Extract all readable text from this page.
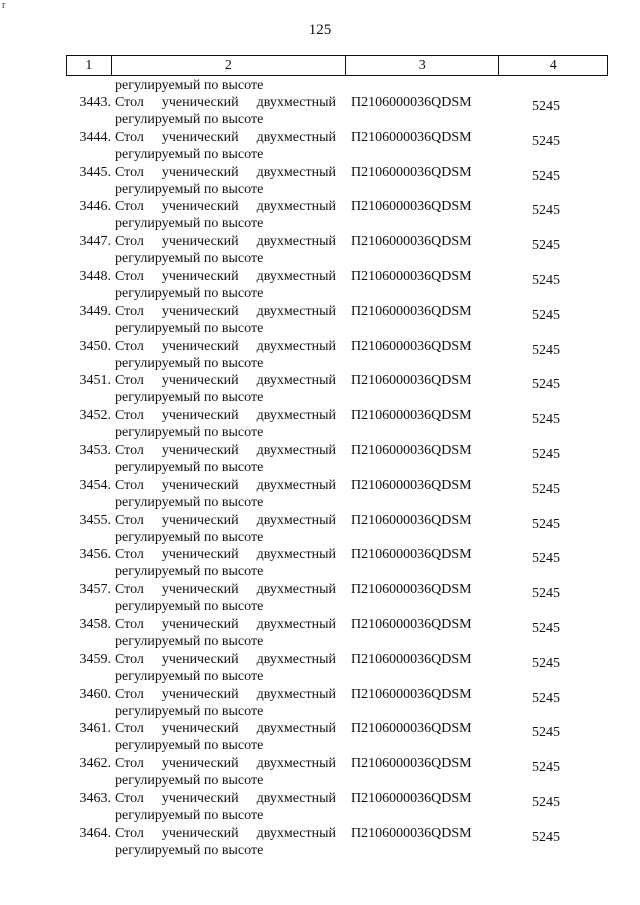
r
125
1	2	3	4
регулируемый по высоте
3443. Стол ученический двухместный
регулируемый по высоте
П2106000036QDSM	5245
3444. Стол ученический двухместный
регулируемый по высоте
П2106000036QDSM	5245
3445. Стол ученический двухместный
регулируемый по высоте
П2106000036QDSM	5245
3446. Стол ученический двухместный
регулируемый по высоте
П2106000036QDSM	5245
3447. Стол ученический двухместный
регулируемый по высоте
П2106000036QDSM	5245
3448. Стол ученический двухместный
регулируемый по высоте
П2106000036QDSM	5245
3449. Стол ученический двухместный
регулируемый по высоте
П2106000036QDSM	5245
3450. Стол ученический двухместный
регулируемый по высоте
П2106000036QDSM	5245
3451. Стол ученический двухместный
регулируемый по высоте
П2106000036QDSM	5245
3452. Стол ученический двухместный
регулируемый по высоте
П2106000036QDSM	5245
3453. Стол ученический двухместный
регулируемый по высоте
П2106000036QDSM	5245
3454. Стол ученический двухместный
регулируемый по высоте
П2106000036QDSM	5245
3455. Стол ученический двухместный
регулируемый по высоте
П2106000036QDSM	5245
3456. Стол ученический двухместный
регулируемый по высоте
П2106000036QDSM	5245
3457. Стол ученический двухместный
регулируемый по высоте
П2106000036QDSM	5245
3458. Стол ученический двухместный
регулируемый по высоте
П2106000036QDSM	5245
3459. Стол ученический двухместный
регулируемый по высоте
П2106000036QDSM	5245
3460. Стол ученический двухместный
регулируемый по высоте
П2106000036QDSM	5245
3461. Стол ученический двухместный
регулируемый по высоте
П2106000036QDSM	5245
3462. Стол ученический двухместный
регулируемый по высоте
П2106000036QDSM	5245
3463. Стол ученический двухместный
регулируемый по высоте
П2106000036QDSM	5245
3464. Стол ученический двухместный
регулируемый по высоте
П2106000036QDSM	5245
